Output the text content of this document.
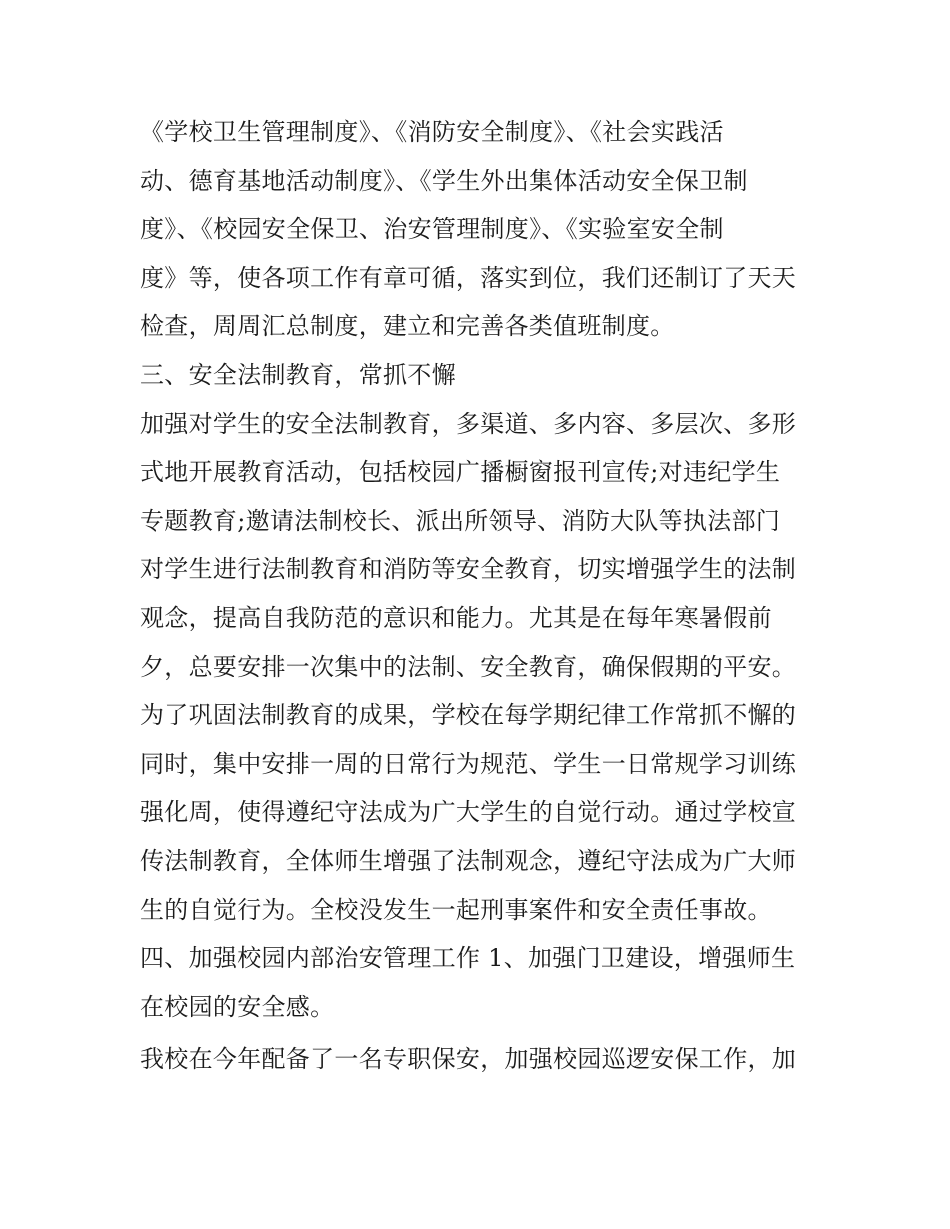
《学校卫生管理制度》、《消防安全制度》、《社会实践活
动、德育基地活动制度》、《学生外出集体活动安全保卫制
度》、《校园安全保卫、治安管理制度》、《实验室安全制
度》等，使各项工作有章可循，落实到位，我们还制订了天天
检查，周周汇总制度，建立和完善各类值班制度。
三、安全法制教育，常抓不懈
加强对学生的安全法制教育，多渠道、多内容、多层次、多形
式地开展教育活动，包括校园广播橱窗报刊宣传;对违纪学生
专题教育;邀请法制校长、派出所领导、消防大队等执法部门
对学生进行法制教育和消防等安全教育，切实增强学生的法制
观念，提高自我防范的意识和能力。尤其是在每年寒暑假前
夕，总要安排一次集中的法制、安全教育，确保假期的平安。
为了巩固法制教育的成果，学校在每学期纪律工作常抓不懈的
同时，集中安排一周的日常行为规范、学生一日常规学习训练
强化周，使得遵纪守法成为广大学生的自觉行动。通过学校宣
传法制教育，全体师生增强了法制观念，遵纪守法成为广大师
生的自觉行为。全校没发生一起刑事案件和安全责任事故。
四、加强校园内部治安管理工作 1、加强门卫建设，增强师生
在校园的安全感。
我校在今年配备了一名专职保安，加强校园巡逻安保工作，加
